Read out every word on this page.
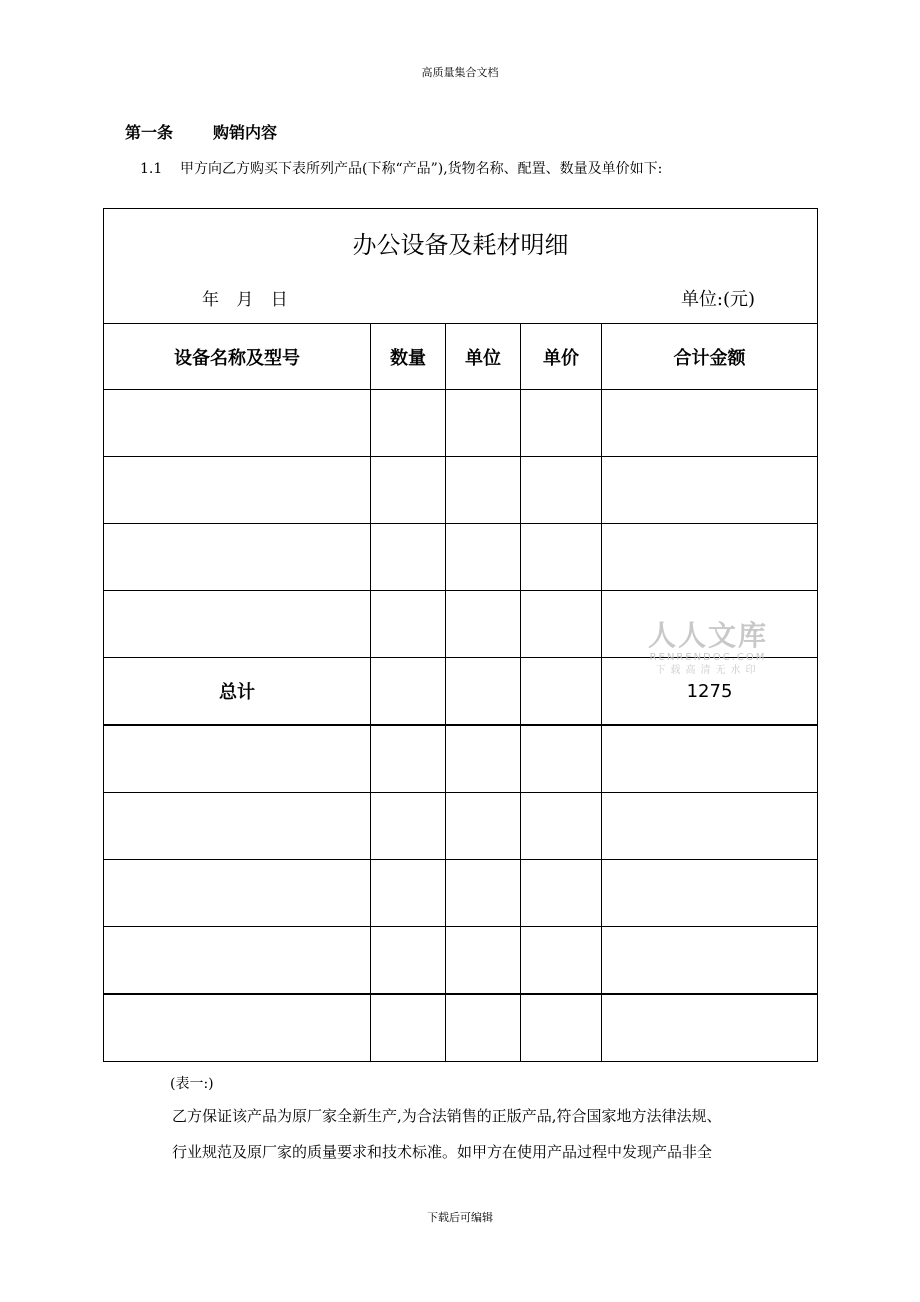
高质量集合文档
第一条 购销内容
1.1 甲方向乙方购买下表所列产品(下称“产品”),货物名称、配置、数量及单价如下:
办公设备及耗材明细				

年 月 日 单位:(元)				

设备名称及型号	数量	单位	单价	合计金额

总计				1275

人人文库
RENRENDOC.COM
下载高清无水印
(表一:)
乙方保证该产品为原厂家全新生产,为合法销售的正版产品,符合国家地方法律法规、
行业规范及原厂家的质量要求和技术标准。如甲方在使用产品过程中发现产品非全
下载后可编辑
